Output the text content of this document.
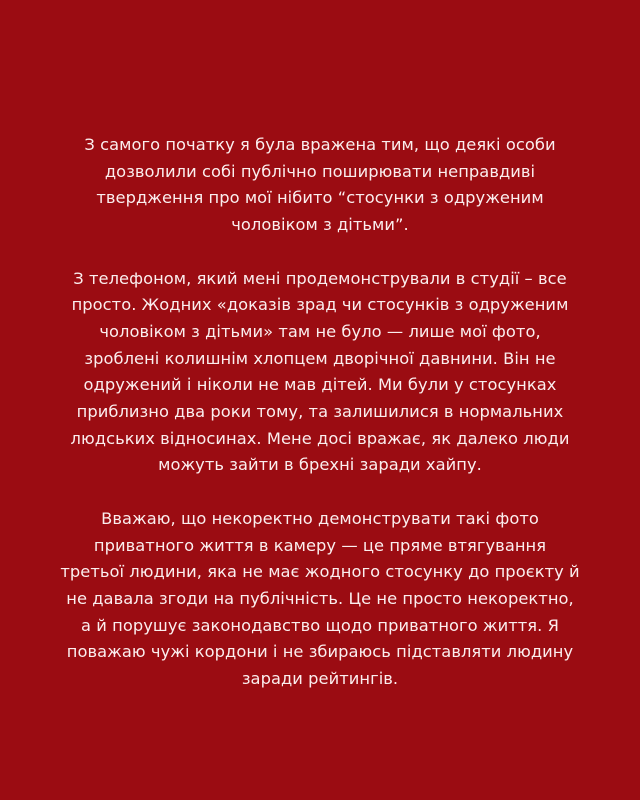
З самого початку я була вражена тим, що деякі особи дозволили собі публічно поширювати неправдиві твердження про мої нібито “стосунки з одруженим чоловіком з дітьми”.

З телефоном, який мені продемонстрували в студії – все просто. Жодних «доказів зрад чи стосунків з одруженим чоловіком з дітьми» там не було — лише мої фото, зроблені колишнім хлопцем дворічної давнини. Він не одружений і ніколи не мав дітей. Ми були у стосунках приблизно два роки тому, та залишилися в нормальних людських відносинах. Мене досі вражає, як далеко люди можуть зайти в брехні заради хайпу.

Вважаю, що некоректно демонструвати такі фото приватного життя в камеру — це пряме втягування третьої людини, яка не має жодного стосунку до проєкту й не давала згоди на публічність. Це не просто некоректно, а й порушує законодавство щодо приватного життя. Я поважаю чужі кордони і не збираюсь підставляти людину заради рейтингів.
